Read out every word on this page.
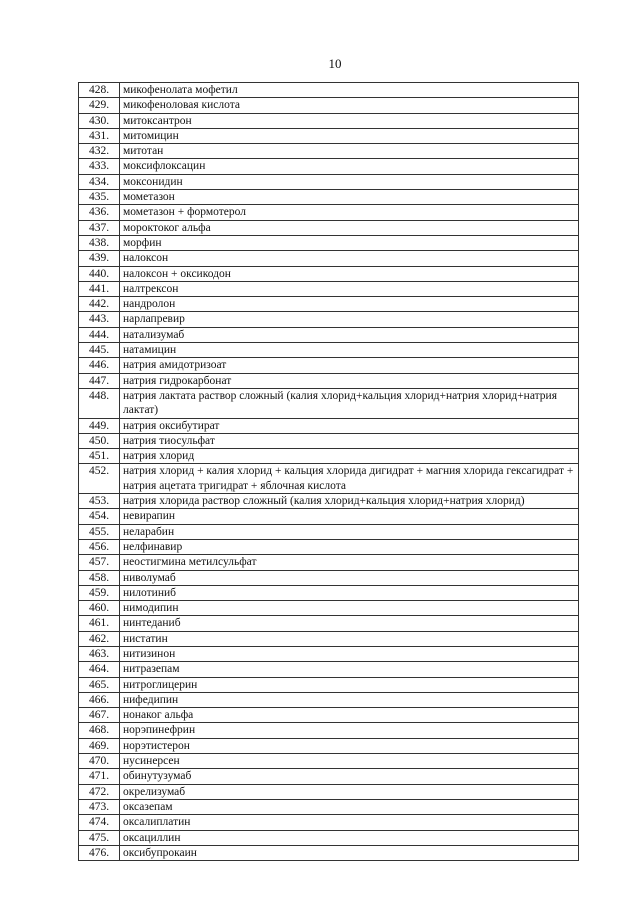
10
428.	микофенолата мофетил
429.	микофеноловая кислота
430.	митоксантрон
431.	митомицин
432.	митотан
433.	моксифлоксацин
434.	моксонидин
435.	мометазон
436.	мометазон + формотерол
437.	мороктоког альфа
438.	морфин
439.	налоксон
440.	налоксон + оксикодон
441.	налтрексон
442.	нандролон
443.	нарлапревир
444.	натализумаб
445.	натамицин
446.	натрия амидотризоат
447.	натрия гидрокарбонат
448.	натрия лактата раствор сложный (калия хлорид+кальция хлорид+натрия хлорид+натрия лактат)
449.	натрия оксибутират
450.	натрия тиосульфат
451.	натрия хлорид
452.	натрия хлорид + калия хлорид + кальция хлорида дигидрат + магния хлорида гексагидрат + натрия ацетата тригидрат + яблочная кислота
453.	натрия хлорида раствор сложный (калия хлорид+кальция хлорид+натрия хлорид)
454.	невирапин
455.	неларабин
456.	нелфинавир
457.	неостигмина метилсульфат
458.	ниволумаб
459.	нилотиниб
460.	нимодипин
461.	нинтеданиб
462.	нистатин
463.	нитизинон
464.	нитразепам
465.	нитроглицерин
466.	нифедипин
467.	нонаког альфа
468.	норэпинефрин
469.	норэтистерон
470.	нусинерсен
471.	обинутузумаб
472.	окрелизумаб
473.	оксазепам
474.	оксалиплатин
475.	оксациллин
476.	оксибупрокаин
